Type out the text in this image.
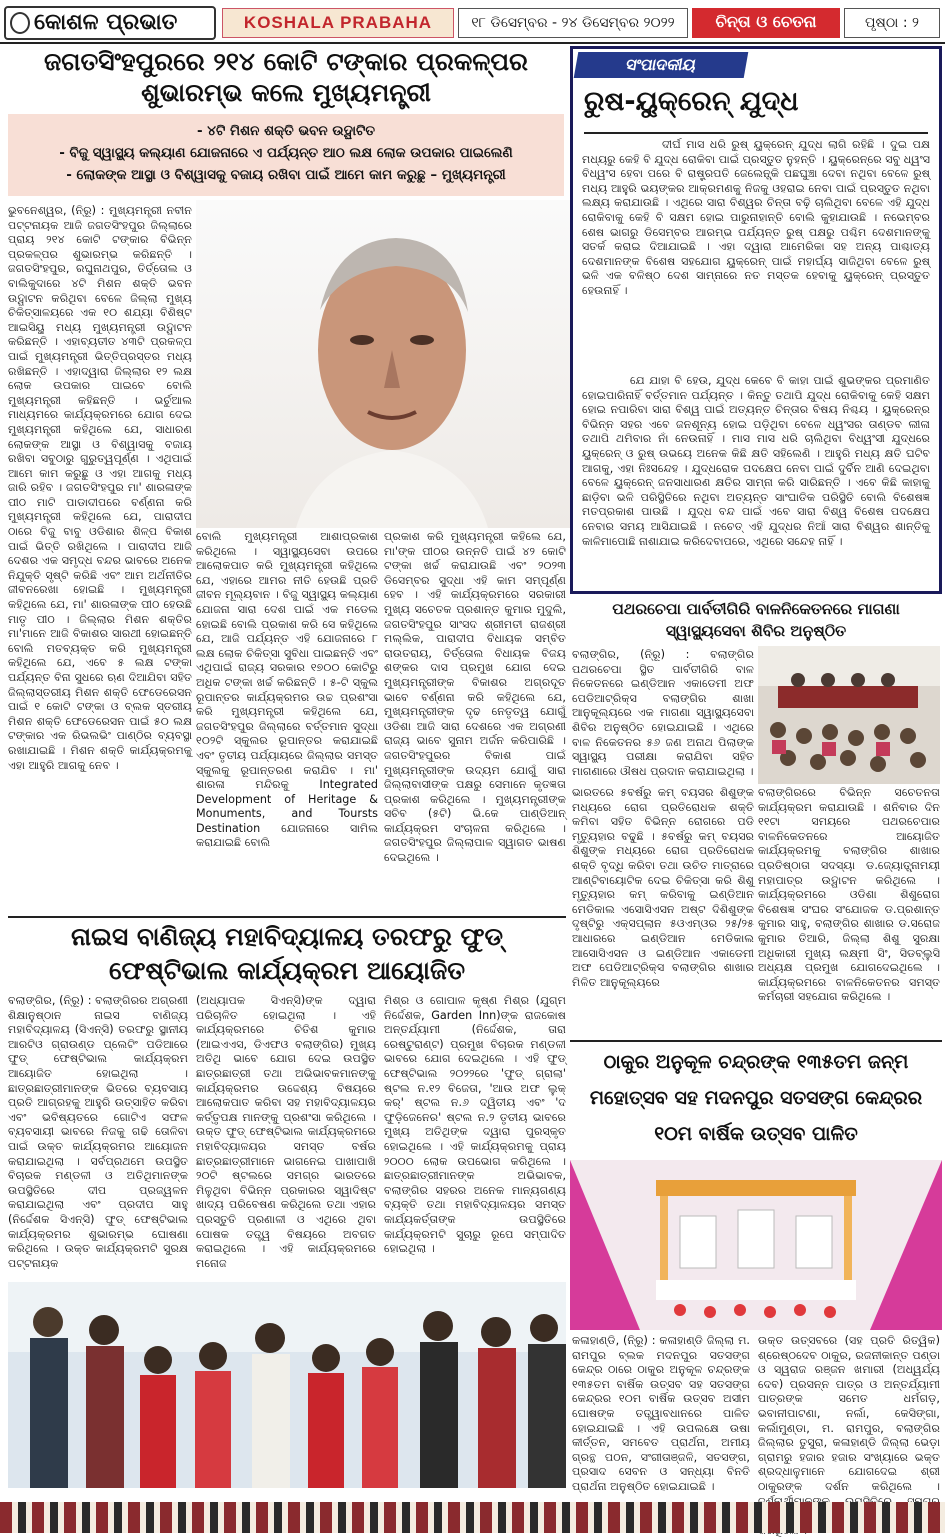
କୋଶଳ ପ୍ରଭାତ	KOSHALA PRABAHA	୧୮ ଡିସେମ୍ବର - ୨୪ ଡିସେମ୍ବର ୨୦୨୨	ଚିନ୍ତା ଓ ଚେତନା	ପୃଷ୍ଠା : ୨
ଜଗତସିଂହପୁରରେ ୨୧୪ କୋଟି ଟଙ୍କାର ପ୍ରକଳ୍ପର ଶୁଭାରମ୍ଭ କଲେ ମୁଖ୍ୟମନ୍ତ୍ରୀ
- ୪ଟି ମିଶନ ଶକ୍ତି ଭବନ ଉଦ୍ଘାଟିତ
- ବିଜୁ ସ୍ୱାସ୍ଥ୍ୟ କଲ୍ୟାଣ ଯୋଜନାରେ ଏ ପର୍ଯ୍ୟନ୍ତ ଆଠ ଲକ୍ଷ ଲୋକ ଉପକାର ପାଇଲେଣି
- ଲୋକଙ୍କ ଆସ୍ଥା ଓ ବିଶ୍ୱାସକୁ ବଜାୟ ରଖିବା ପାଇଁ ଆମେ କାମ କରୁଛୁ – ମୁଖ୍ୟମନ୍ତ୍ରୀ
ଭୁବନେଶ୍ୱର, (ନି୍ରୂ) : ମୁଖ୍ୟମନ୍ତ୍ରୀ ନବୀନ ପଟ୍ଟନାୟକ ଆଜି ଜଗତସିଂହପୁର ଜିଲ୍ଲାରେ ପ୍ରାୟ ୨୧୪ କୋଟି ଟଙ୍କାର ବିଭିନ୍ନ ପ୍ରକଳ୍ପର ଶୁଭାରମ୍ଭ କରିଛନ୍ତି । ଜଗତସିଂହପୁର, ରଘୁନାଥପୁର, ତିର୍ତ୍ତୋଲ ଓ ବାଲିକୁଦାରେ ୪ଟି ମିଶନ ଶକ୍ତି ଭବନ ଉଦ୍ଘାଟନ କରିଥିବା ବେଳେ ଜିଲ୍ଲା ମୁଖ୍ୟ ଚିକିତ୍ସାଳୟରେ ଏକ ୧୦ ଶଯ୍ୟା ବିଶିଷ୍ଟ ଆଇସିୟୁ ମଧ୍ୟ ମୁଖ୍ୟମନ୍ତ୍ରୀ ଉଦ୍ଘାଟନ କରିଛନ୍ତି । ଏହାବ୍ୟତୀତ ୪୩ଟି ପ୍ରକଳ୍ପ ପାଇଁ ମୁଖ୍ୟମନ୍ତ୍ରୀ ଭିତ୍ତିପ୍ରସ୍ତର ମଧ୍ୟ ରଖିଛନ୍ତି । ଏହାଦ୍ୱାରା ଜିଲ୍ଲାର ୧୨ ଲକ୍ଷ ଲୋକ ଉପକାର ପାଇବେ ବୋଲି ମୁଖ୍ୟମନ୍ତ୍ରୀ କହିଛନ୍ତି । ଭର୍ଚୁଆଲ ମାଧ୍ୟମରେ କାର୍ଯ୍ୟକ୍ରମରେ ଯୋଗ ଦେଇ ମୁଖ୍ୟମନ୍ତ୍ରୀ କହିଥିଲେ ଯେ, ସାଧାରଣ ଲୋକଙ୍କ ଆସ୍ଥା ଓ ବିଶ୍ୱାସକୁ ବଜାୟ ରଖିବା ସବୁଠାରୁ ଗୁରୁତ୍ୱପୂର୍ଣ୍ଣ । ଏଥିପାଇଁ ଆମେ କାମ କରୁଛୁ ଓ ଏହା ଆଗକୁ ମଧ୍ୟ ଜାରି ରହିବ । ଜଗତସିଂହପୁର ମା' ଶାରଳାଙ୍କ ପୀଠ ମାଟି ପାଡାଦୀପରେ ବର୍ଣ୍ଣନା କରି ମୁଖ୍ୟମନ୍ତ୍ରୀ କହିଥିଲେ ଯେ, ପାରାଦୀପ ଠାରେ ବିଜୁ ବାବୁ ଓଡିଶାର ଶିଳ୍ପ ବିକାଶ ପାଇଁ ଭିତ୍ତି ରଖିଥିଲେ । ପାରାଦୀପ ଆଜି ଦେଶର ଏକ ସମୃଦ୍ଧ ବନ୍ଦର ଭାବରେ ଅନେକ ନିଯୁକ୍ତି ସୃଷ୍ଟି କରିଛି ଏବଂ ଆମ ଅର୍ଥନୀତିର ଜୀବନରେଖା ହୋଇଛି । ମୁଖ୍ୟମନ୍ତ୍ରୀ କହିଥିଲେ ଯେ, ମା' ଶାରଳାଙ୍କ ପୀଠ ହେଉଛି ମାତୃ ପୀଠ । ଜିଲ୍ଲାର ମିଶନ ଶକ୍ତିର ମା'ମାନେ ଆଜି ବିକାଶର ସାରଥୀ ହୋଇଛନ୍ତି ବୋଲି ମତବ୍ୟକ୍ତ କରି ମୁଖ୍ୟମନ୍ତ୍ରୀ କହିଥିଲେ ଯେ, ଏବେ ୫ ଲକ୍ଷ ଟଙ୍କା ପର୍ଯ୍ୟନ୍ତ ବିନା ସୁଧରେ ଋଣ ଦିଆଯିବା ସହିତ ଜିଲ୍ଲାସ୍ତରୀୟ ମିଶନ ଶକ୍ତି ଫେଡେରେସନ ପାଇଁ ୧ କୋଟି ଟଙ୍କା ଓ ବ୍ଲକ ସ୍ତରୀୟ ମିଶନ ଶକ୍ତି ଫେଡେରେସନ ପାଇଁ ୫୦ ଲକ୍ଷ ଟଙ୍କାର ଏକ ରିଭଲଭିଂ ପାଣ୍ଠିର ବ୍ୟବସ୍ଥା ରଖାଯାଇଛି । ମିଶନ ଶକ୍ତି କାର୍ଯ୍ୟକ୍ରମକୁ ଏହା ଆହୁରି ଆଗକୁ ନେବ ।
ବୋଲି ମୁଖ୍ୟମନ୍ତ୍ରୀ ଆଶାପ୍ରକାଶ କରିଥିଲେ । ସ୍ୱାସ୍ଥ୍ୟସେବା ଉପରେ ଆଲୋକପାତ କରି ମୁଖ୍ୟମନ୍ତ୍ରୀ କହିଥିଲେ ଯେ, ଏହାରେ ଆମର ନୀତି ହେଉଛି ପ୍ରତି ଜୀବନ ମୂଲ୍ୟବାନ । ବିଜୁ ସ୍ୱାସ୍ଥ୍ୟ କଲ୍ୟାଣ ଯୋଜନା ସାରା ଦେଶ ପାଇଁ ଏକ ମଡେଲ ହୋଇଛି ବୋଲି ପ୍ରକାଶ କରି ସେ କହିଥିଲେ ଯେ, ଆଜି ପର୍ଯ୍ୟନ୍ତ ଏହି ଯୋଜନାରେ ୮ ଲକ୍ଷ ଲୋକ ଚିକିତ୍ସା ସୁବିଧା ପାଇଛନ୍ତି ଏବଂ ଏଥିପାଇଁ ରାଜ୍ୟ ସରକାର ୧୭୦୦ କୋଟିରୁ ଅଧିକ ଟଙ୍କା ଖର୍ଚ୍ଚ କରିଛନ୍ତି । ୫-ଟି ସ୍କୁଲ ରୂପାନ୍ତର କାର୍ଯ୍ୟକ୍ରମର ଉଚ୍ଚ ପ୍ରଶଂସା କରି ମୁଖ୍ୟମନ୍ତ୍ରୀ କହିଥିଲେ ଯେ, ଜଗତସିଂହପୁର ଜିଲ୍ଲାରେ ବର୍ତ୍ତମାନ ସୁଦ୍ଧା ୧୦୨ଟି ସ୍କୁଲର ରୂପାନ୍ତର କରାଯାଇଛି ଏବଂ ତୃତୀୟ ପର୍ଯ୍ୟାୟରେ ଜିଲ୍ଲାର ସମସ୍ତ ସ୍କୁଲକୁ ରୂପାନ୍ତରଣ କରାଯିବ । ମା' ଶାରଳା ମନ୍ଦିରକୁ Integrated Development of Heritage & Monuments, and Toursts Destination ଯୋଜନାରେ ସାମିଲ କରାଯାଇଛି ବୋଲି
ପ୍ରକାଶ କରି ମୁଖ୍ୟମନ୍ତ୍ରୀ କହିଲେ ଯେ, ମା'ଙ୍କ ପୀଠର ଉନ୍ନତି ପାଇଁ ୪୨ କୋଟି ଟଙ୍କା ଖର୍ଚ୍ଚ କରାଯାଉଛି ଏବଂ ୨୦୨୩ ଡିସେମ୍ବର ସୁଦ୍ଧା ଏହି କାମ ସମ୍ପୂର୍ଣ୍ଣ ହେବ । ଏହି କାର୍ଯ୍ୟକ୍ରମରେ ସରକାରୀ ମୁଖ୍ୟ ସଚେତକ ପ୍ରଶାନ୍ତ କୁମାର ମୁଦୁଲି, ଜଗତସିଂହପୁର ସାଂସଦ ଶ୍ରୀମତୀ ରାଜଶ୍ରୀ ମଲ୍ଲିକ, ପାରାଦୀପ ବିଧାୟକ ସମ୍ବିତ ରାଉତରାୟ, ତିର୍ତ୍ତୋଲ ବିଧାୟକ ବିଜୟ ଶଙ୍କର ଦାସ ପ୍ରମୁଖ ଯୋଗ ଦେଇ ମୁଖ୍ୟମନ୍ତ୍ରୀଙ୍କ ବିକାଶର ଅଗ୍ରଦୂତ ଭାବେ ବର୍ଣ୍ଣନା କରି କହିଥିଲେ ଯେ, ମୁଖ୍ୟମନ୍ତ୍ରୀଙ୍କ ଦୃଢ ନେତୃତ୍ୱ ଯୋଗୁଁ ଓଡିଶା ଆଜି ସାରା ଦେଶରେ ଏକ ଅଗ୍ରଣୀ ରାଜ୍ୟ ଭାବେ ସୁନାମ ଅର୍ଜନ କରିପାରିଛି । ଜଗତସିଂହପୁରର ବିକାଶ ପାଇଁ ମୁଖ୍ୟମନ୍ତ୍ରୀଙ୍କ ଉଦ୍ୟମ ଯୋଗୁଁ ସାରା ଜିଲ୍ଲାବାସୀଙ୍କ ପକ୍ଷରୁ ସେମାନେ କୃତଜ୍ଞତା ପ୍ରକାଶ କରିଥିଲେ । ମୁଖ୍ୟମନ୍ତ୍ରୀଙ୍କ ସଚିବ (୫ଟି) ଭି.କେ ପାଣ୍ଡିଆନ୍ କାର୍ଯ୍ୟକ୍ରମ ସଂଚାଳନା କରିଥିଲେ । ଜଗତସିଂହପୁର ଜିଲ୍ଲାପାଳ ସ୍ୱାଗତ ଭାଷଣ ଦେଇଥିଲେ ।
ସଂପାଦକୀୟ
ରୁଷ-ୟୁକ୍ରେନ୍ ଯୁଦ୍ଧ
ଦୀର୍ଘ ମାସ ଧରି ରୁଷ୍ ୟୁକ୍ରେନ୍ ଯୁଦ୍ଧ ଲାଗି ରହିଛି । ଦୁଇ ପକ୍ଷ ମଧ୍ୟରୁ କେହି ବି ଯୁଦ୍ଧ ରୋକିବା ପାଇଁ ପ୍ରସ୍ତୁତ ନୁହନ୍ତି । ୟୁକ୍ରେନ୍‌ରେ ସବୁ ଧ୍ୱଂସ ବିଧ୍ୱଂସ ହେବା ପରେ ବି ରାଷ୍ଟ୍ରପତି ଜେଲେନ୍ସ୍କି ପଛଘୁଞ୍ଚା ଦେବା ନଥିବା ବେଳେ ରୁଷ୍ ମଧ୍ୟ ଆହୁରି ଭୟଙ୍କର ଆକ୍ରମଣକୁ ନିଜକୁ ଓହରାଇ ନେବା ପାଇଁ ପ୍ରସ୍ତୁତ ନଥିବା ଲକ୍ଷ୍ୟ କରାଯାଉଛି । ଏଥିରେ ସାରା ବିଶ୍ୱର ଚିନ୍ତା ବଢ଼ି ଚାଲିଥିବା ବେଳେ ଏହି ଯୁଦ୍ଧ ରୋକିବାକୁ କେହି ବି ସକ୍ଷମ ହୋଇ ପାରୁନାହାନ୍ତି ବୋଲି କୁହାଯାଉଛି । ନଭେମ୍ବର ଶେଷ ଭାଗରୁ ଡିସେମ୍ବର ଆରମ୍ଭ ପର୍ଯ୍ୟନ୍ତ ରୁଷ୍ ପକ୍ଷରୁ ପଶ୍ଚିମ ଦେଶମାନଙ୍କୁ ସତର୍କ କରାଇ ଦିଆଯାଇଛି । ଏହା ଦ୍ୱାରା ଆମେରିକା ସହ ଅନ୍ୟ ପାଶ୍ଚାତ୍ୟ ଦେଶମାନଙ୍କ ବିଶେଷ ସହଯୋଗ ୟୁକ୍ରେନ୍ ପାଇଁ ମହାର୍ଘ୍ୟ ସାଜିଥିବା ବେଳେ ରୁଷ୍ ଭଳି ଏକ ବଳିଷ୍ଠ ଦେଶ ସାମ୍ନାରେ ନତ ମସ୍ତକ ହେବାକୁ ୟୁକ୍ରେନ୍ ପ୍ରସ୍ତୁତ ହେଉନାହିଁ ।
ଯେ ଯାହା ବି ହେଉ, ଯୁଦ୍ଧ କେବେ ବି କାହା ପାଇଁ ଶୁଭଙ୍କର ପ୍ରମାଣିତ ହୋଇପାରିନାହିଁ ବର୍ତ୍ତମାନ ପର୍ଯ୍ୟନ୍ତ । କିନ୍ତୁ ତଥାପି ଯୁଦ୍ଧ ରୋକିବାକୁ କେହି ସକ୍ଷମ ହୋଇ ନପାରିବା ସାରା ବିଶ୍ୱ ପାଇଁ ଅତ୍ୟନ୍ତ ଚିନ୍ତାର ବିଷୟ ନିଶ୍ଚୟ । ୟୁକ୍ରେନ୍‌ର ବିଭିନ୍ନ ସହର ଏବେ ଜନଶୂନ୍ୟ ହୋଇ ପଡ଼ିଥିବା ବେଳେ ଧ୍ୱଂସର ତାଣ୍ଡବ ଲୀଳା ତଥାପି ଥମିବାର ନାଁ ନେଉନାହିଁ । ମାସ ମାସ ଧରି ଚାଲିଥିବା ବିଧ୍ୱଂସୀ ଯୁଦ୍ଧରେ ୟୁକ୍ରେନ୍ ଓ ରୁଷ୍ ଉଭୟେ ଅନେକ କିଛି କ୍ଷତି ସହିଲେଣି । ଆହୁରି ମଧ୍ୟ କ୍ଷତି ଘଟିବ ଆଗକୁ, ଏହା ନିଃସନ୍ଦେହ । ଯୁଦ୍ଧରୋକ ପଦକ୍ଷେପ ନେବା ପାଇଁ ଦୁର୍ବିନ ଆଣି ଦେଇଥିବା ବେଳେ ୟୁକ୍ରେନ୍ ଜନସାଧାରଣ କ୍ଷତିର ସାମ୍ନା କରି ସାରିଛନ୍ତି । ଏବେ କିଛି କାହାକୁ ଛାଡ଼ିବା ଭଳି ପରିସ୍ଥିତିରେ ନଥିବା ଅତ୍ୟନ୍ତ ସାଂଘାତିକ ପରିସ୍ଥିତି ବୋଲି ବିଶେଷଜ୍ଞ ମତପ୍ରକାଶ ପାଉଛି । ଯୁଦ୍ଧ ବନ୍ଦ ପାଇଁ ଏବେ ସାରା ବିଶ୍ୱ ବିଶେଷ ପଦକ୍ଷେପ ନେବାର ସମୟ ଆସିଯାଇଛି । ନଚେତ୍ ଏହି ଯୁଦ୍ଧର ନିଆଁ ସାରା ବିଶ୍ୱର ଶାନ୍ତିକୁ କାଳିମାପୋଛି ନାଶାଯାଇ କରିଦେବାପରେ, ଏଥିରେ ସନ୍ଦେହ ନାହିଁ ।
ପଥରଚେପା ପାର୍ବତୀଗିରି ବାଳନିକେତନରେ ମାଗଣା ସ୍ୱାସ୍ଥ୍ୟସେବା ଶିବିର ଅନୁଷ୍ଠିତ
ବଲାଙ୍ଗିର, (ନି୍ରୂ) : ବଲାଙ୍ଗିର ପଥରଚେପା ସ୍ଥିତ ପାର୍ବତୀଗିରି ବାଳ ନିକେତନରେ ଇଣ୍ଡିଆନ ଏକାଡେମୀ ଅଫ ପେଡିଆଟ୍ରିକ୍ସ ବଲାଙ୍ଗିର ଶାଖା ଆନୁକୂଲ୍ୟରେ ଏକ ମାଗଣା ସ୍ୱାସ୍ଥ୍ୟସେବା ଶିବିର ଅନୁଷ୍ଠିତ ହୋଇଯାଇଛି । ଏଥିରେ ବାଳ ନିକେତନର ୫୬ ଜଣ ଅନାଥ ପିଲାଙ୍କ ସ୍ୱାସ୍ଥ୍ୟ ପରୀକ୍ଷା କରାଯିବା ସହିତ ମାଗଣାରେ ଔଷଧ ପ୍ରଦାନ କରାଯାଇଥିଲା ।
ଭାରତରେ ୫ବର୍ଷରୁ କମ୍ ବୟସର ଶିଶୁଙ୍କ ମଧ୍ୟରେ ରୋଗ ପ୍ରତିରୋଧକ ଶକ୍ତି କମିବା ସହିତ ବିଭିନ୍ନ ରୋଗରେ ପଡି ମୃତ୍ୟୁହାର ବଢୁଛି । ୫ବର୍ଷରୁ କମ୍ ବୟସର ଶିଶୁଙ୍କ ମଧ୍ୟରେ ରୋଗ ପ୍ରତିରୋଧକ ଶକ୍ତି ବୃଦ୍ଧି କରିବା ତଥା ଉଚିତ ମାତ୍ରାରେ ଆଣ୍ଟିବାୟୋଟିକ ଦେଇ ଚିକିତ୍ସା କରି ଶିଶୁ ମୃତ୍ୟୁହାର କମ୍ କରିବାକୁ ଇଣ୍ଡିଆନ ମେଡିକାଲ ଏସୋସିଏସନ ଅଷ୍ଟ ଦିଶିଶୁଙ୍କ ଦୃଷ୍ଟିରୁ ଏକ୍ସପ୍ଲାନ ୫ଓଏମ୍‌ଓର ୨୫/୨୫ ଆଧାରରେ ଇଣ୍ଡିଆନ ମେଡିକାଲ ଆସୋସିଏସନ ଓ ଇଣ୍ଡିଆନ ଏକାଡେମୀ ଅଫ ପେଡିଆଟ୍ରିକ୍ସ ବଲାଙ୍ଗିର ଶାଖାର ମିଳିତ ଆନୁକୂଲ୍ୟରେ
ବଲାଙ୍ଗିରରେ ବିଭିନ୍ନ ସଚେତନତା କାର୍ଯ୍ୟକ୍ରମ କରାଯାଉଛି । ଶନିବାର ଦିନ ୧୧ଟା ସମୟରେ ପଥରଚେପାର ବାଳନିକେତନରେ ଆୟୋଜିତ କାର୍ଯ୍ୟକ୍ରମକୁ ବଲାଙ୍ଗିର ଶାଖାର ପ୍ରତିଷ୍ଠାତା ସଦସ୍ୟା ଡ.ଜ୍ୟୋତ୍ସ୍ନାମୟୀ ମହାପାତ୍ର ଉଦ୍ଘାଟନ କରିଥିଲେ । କାର୍ଯ୍ୟକ୍ରମରେ ଓଡିଶା ଶିଶୁରୋଗ ବିଶେଷଜ୍ଞ ସଂଘର ସଂଯୋଜକ ଡ.ପ୍ରଶାନ୍ତ କୁମାର ସାହୁ, ବଲାଙ୍ଗିର ଶାଖାର ଡ.ସରୋଜ କୁମାର ତିଆରି, ଜିଲ୍ଲା ଶିଶୁ ସୁରକ୍ଷା ଅଧିକାରୀ ମୁଖ୍ୟ ଲକ୍ଷ୍ମୀ ସିଂ, ସିଡବ୍ଲୁସି ଅଧ୍ୟକ୍ଷ ପ୍ରମୁଖ ଯୋଗଦେଇଥିଲେ । କାର୍ଯ୍ୟକ୍ରମରେ ବାଳନିକେତନର ସମସ୍ତ କର୍ମଚାରୀ ସହଯୋଗ କରିଥିଲେ ।
ନାଇସ ବାଣିଜ୍ୟ ମହାବିଦ୍ୟାଳୟ ତରଫରୁ ଫୁଡ୍ ଫେଷ୍ଟିଭାଲ କାର୍ଯ୍ୟକ୍ରମ ଆୟୋଜିତ
ବଲାଙ୍ଗିର, (ନି୍ରୂ) : ବଲାଙ୍ଗିରର ଅଗ୍ରଣୀ ଶିକ୍ଷାନୁଷ୍ଠାନ ନାଇସ ବାଣିଜ୍ୟ ମହାବିଦ୍ୟାଳୟ (ସିଏନ୍‌ସି) ତରଫରୁ ସ୍ଥାନୀୟ ଆରଟିଓ ଗ୍ରାଉଣ୍ଡ ପ୍ଲେଟିଂ ପଡିଆରେ ଫୁଡ୍ ଫେଷ୍ଟିଭାଲ କାର୍ଯ୍ୟକ୍ରମ ଆୟୋଜିତ ହୋଇଥିଲା । ଛାତ୍ରଛାତ୍ରୀମାନଙ୍କ ଭିତରେ ବ୍ୟବସାୟ ପ୍ରତି ଆଗ୍ରହକୁ ଆହୁରି ଉତ୍ସାହିତ କରିବା ଏବଂ ଭବିଷ୍ୟତରେ ଗୋଟିଏ ସଫଳ ବ୍ୟବସାୟୀ ଭାବରେ ନିଜକୁ ଗଢି ତୋଳିବା ପାଇଁ ଉକ୍ତ କାର୍ଯ୍ୟକ୍ରମର ଆୟୋଜନ କରାଯାଇଥିଲା । ସର୍ବପ୍ରଥମେ ଉପସ୍ଥିତ ବିଚାରକ ମଣ୍ଡଳୀ ଓ ଅତିଥିମାନଙ୍କ ଉପସ୍ଥିତିରେ ଦୀପ ପ୍ରଜ୍ୱଳନ କରାଯାଇଥିଲା ଏବଂ ପ୍ରଦୀପ ସାହୁ (ନିର୍ଦ୍ଦେଶକ ସିଏନ୍‌ସି) ଫୁଡ୍ ଫେଷ୍ଟିଭାଲ କାର୍ଯ୍ୟକ୍ରମର ଶୁଭାରମ୍ଭ ଘୋଷଣା କରିଥିଲେ । ଉକ୍ତ କାର୍ଯ୍ୟକ୍ରମଟି ସୁରକ୍ଷ ପଟ୍ଟନାୟକ
(ଅଧ୍ୟାପକ ସିଏନ୍‌ସି)ଙ୍କ ଦ୍ୱାରା ପରିଚାଳିତ ହୋଇଥିଲା । ଏହି କାର୍ଯ୍ୟକ୍ରମରେ ଚିତିଶ କୁମାର (ଆଇଏଏସ, ଡିଏଫଓ ବଲାଙ୍ଗିର) ମୁଖ୍ୟ ଅତିଥି ଭାବେ ଯୋଗ ଦେଇ ଉପସ୍ଥିତ ଛାତ୍ରଛାତ୍ରୀ ତଥା ଅଭିଭାବକମାନଙ୍କୁ କାର୍ଯ୍ୟକ୍ରମର ଉଦ୍ଦେଶ୍ୟ ବିଷୟରେ ଆଲୋକପାତ କରିବା ସହ ମହାବିଦ୍ୟାଳୟର କର୍ତ୍ତୃପକ୍ଷ ମାନଙ୍କୁ ପ୍ରଶଂସା କରିଥିଲେ । ଉକ୍ତ ଫୁଡ୍ ଫେଷ୍ଟିଭାଲ କାର୍ଯ୍ୟକ୍ରମରେ ମହାବିଦ୍ୟାଳୟର ସମସ୍ତ ବର୍ଷର ଛାତ୍ରଛାତ୍ରୀମାନେ ଭାଗନେଇ ପାଖାପାଖି ୨୦ଟି ଷ୍ଟଲରେ ସମଗ୍ର ଭାରତରେ ମିଳୁଥିବା ବିଭିନ୍ନ ପ୍ରକାରର ସ୍ୱାଦିଷ୍ଟ ଖାଦ୍ୟ ପରିବେଷଣ କରିଥିଲେ ତଥା ଏହାର ପ୍ରସ୍ତୁତି ପ୍ରଣାଳୀ ଓ ଏଥିରେ ଥିବା ପୋଷକ ତତ୍ତ୍ୱ ବିଷୟରେ ଅବଗତ କରାଇଥିଲେ । ଏହି କାର୍ଯ୍ୟକ୍ରମରେ ମନୋଜ
ମିଶ୍ର ଓ ଗୋପାଳ କୃଷ୍ଣ ମିଶ୍ର (ଯୁଗ୍ମ ନିର୍ଦ୍ଦେଶକ, Garden Inn)ଙ୍କ ରାଜକୋଷ ଅନ୍ତର୍ଯ୍ୟାମୀ (ନିର୍ଦ୍ଦେଶକ, ତାରା ରେଷ୍ଟୁରାଣ୍ଟ) ପ୍ରମୁଖ ବିଚାରକ ମଣ୍ଡଳୀ ଭାବରେ ଯୋଗ ଦେଇଥିଲେ । ଏହି ଫୁଡ୍ ଫେଷ୍ଟିଭାଲ ୨୦୨୨ରେ 'ଫୁଡ୍ ଗ୍ରାଲା' ଷ୍ଟଲ ନ.୧୨ ବିଜେତା, 'ଆଉ ଅଫ ଲୁକ୍ କର୍' ଷ୍ଟଲ ନ.୬ ଦ୍ୱିତୀୟ ଏବଂ 'ଦ ଫୁଡ଼ିଜେନେର' ଷ୍ଟଲ ନ.୨ ତୃତୀୟ ଭାବରେ ମୁଖ୍ୟ ଅତିଥିଙ୍କ ଦ୍ୱାରା ପୁରସ୍କୃତ ହୋଇଥିଲେ । ଏହି କାର୍ଯ୍ୟକ୍ରମକୁ ପ୍ରାୟ ୨୦୦୦ ଲୋକ ଉପଭୋଗ କରିଥିଲେ । ଛାତ୍ରଛାତ୍ରୀମାନଙ୍କ ଅଭିଭାବକ, ବଲାଙ୍ଗିର ସହରର ଅନେକ ମାନ୍ୟଗଣ୍ୟ ବ୍ୟକ୍ତି ତଥା ମହାବିଦ୍ୟାଳୟର ସମସ୍ତ କାର୍ଯ୍ୟକର୍ତ୍ତାଙ୍କ ଉପସ୍ଥିତିରେ କାର୍ଯ୍ୟକ୍ରମଟି ସୁଚାରୁ ରୂପେ ସମ୍ପାଦିତ ହୋଇଥିଲା ।
ଠାକୁର ଅନୁକୂଳ ଚନ୍ଦ୍ରଙ୍କ ୧୩୫ତମ ଜନ୍ମ ମହୋତ୍ସବ ସହ ମଦନପୁର ସତସଙ୍ଗ କେନ୍ଦ୍ରର ୧୦ମ ବାର୍ଷିକ ଉତ୍ସବ ପାଳିତ
କଳାହାଣ୍ଡି, (ନି୍ରୂ) : କଳାହାଣ୍ଡି ଜିଲ୍ଲା ମ. ରାମପୁର ବ୍ଲକ ମଦନପୁର ସତସଙ୍ଗ କେନ୍ଦ୍ର ଠାରେ ଠାକୁର ଅନୁକୂଳ ଚନ୍ଦ୍ରଙ୍କ ୧୩୫ତମ ବାର୍ଷିକ ଉତ୍ସବ ସହ ସତସଙ୍ଗ କେନ୍ଦ୍ରର ୧୦ମ ବାର୍ଷିକ ଉତ୍ସବ ଅସୀମ ଘୋଷଙ୍କ ତତ୍ତ୍ୱାବଧାନରେ ପାଳିତ ହୋଇଯାଇଛି । ଏହି ଉପଲକ୍ଷେ ଉଷା କୀର୍ତ୍ତନ, ସମବେତ ପ୍ରାର୍ଥନା, ଅମୀୟ ଗ୍ରନ୍ଥ ପଠନ, ସଂଗୀତାଞ୍ଜଳି, ସତସଙ୍ଗ, ପ୍ରସାଦ ସେବନ ଓ ସନ୍ଧ୍ୟା ବିନତି ପ୍ରାର୍ଥନା ଅନୁଷ୍ଠିତ ହୋଇଯାଇଛି ।
ଉକ୍ତ ଉତ୍ସବରେ (ସହ ପ୍ରତି ରିତ୍ୱିକ) ଶ୍ରେଷ୍ଠଦେବ ଠାକୁର, ରଜନୀକାନ୍ତ ପଣ୍ଡା ଓ ସ୍ୱରାଜ ରଞ୍ଜନ ଖମାରୀ (ଅଧ୍ୱର୍ଯ୍ୟ ଦେବ) ପ୍ରସନ୍ନ ପାତ୍ର ଓ ଅନ୍ତର୍ଯ୍ୟାମୀ ପାତ୍ରଙ୍କ ସମେତ ଧର୍ମଗଡ଼, ଭବାନୀପାଟଣା, ନର୍ଲା, କେସିଙ୍ଗା, କର୍ଲାମୁଣ୍ଡା, ମ. ରାମପୁର, ବଲାଙ୍ଗିର ଜିଲ୍ଲାର ତୁସୁରା, କଳାହାଣ୍ଡି ଜିଲ୍ଲା ଭେଡ଼ା ଗ୍ରାମରୁ ହଜାର ହଜାର ସଂଖ୍ୟାରେ ଭକ୍ତ ଶ୍ରଦ୍ଧାଳୁମାନେ ଯୋଗଦେଇ ଶ୍ରୀ ଠାକୁରଙ୍କ ଦର୍ଶନ କରିଥିଲେ ।
